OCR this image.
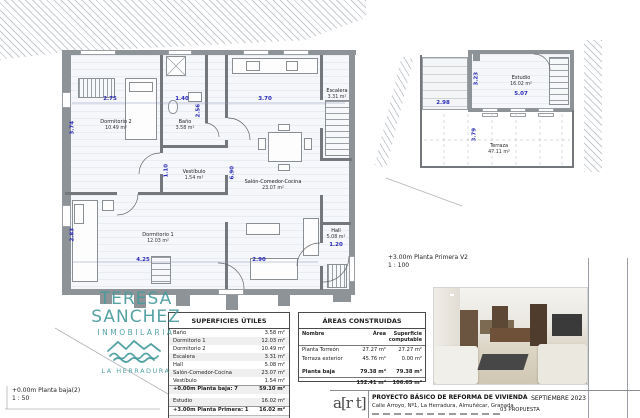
2.75	1.40	3.70
3.74
2.83
1.10
2.56
6.90
4.25	2.90
1.20
Dormitorio 2
10.49 m²
Baño
3.58 m²
Escalera
3.31 m²
Vestíbulo
1.54 m²
Salón-Comedor-Cocina
23.07 m²
Dormitorio 1
12.03 m²
Hall
5.08 m²
Estudio
16.02 m²
5.07
3.23
2.98
Terraza
47.11 m²
3.79
+3.00m Planta Primera V2
1 : 100
+0.00m Planta baja(2)
1 : 50
TERESA
SANCHEZ
INMOBILARIA
LA HERRADURA
SUPERFICIES ÚTILES
Baño	3.58 m²
Dormitorio 1	12.03 m²
Dormitorio 2	10.49 m²
Escalera	3.31 m²
Hall	5.08 m²
Salón-Comedor-Cocina	23.07 m²
Vestíbulo	1.54 m²
+0.00m Planta baja: 7	59.10 m²
Estudio	16.02 m²
+3.00m Planta Primera: 1 16.02 m²
ÁREAS CONSTRUIDAS
Nombre	Área	Superficie computable
Planta Torreón	27.27 m²	27.27 m²
Terraza exterior	45.76 m²	0.00 m²
Planta baja	79.38 m²	79.38 m²
152.41 m²	106.65 m²
a[r t] PROYECTO BÁSICO DE REFORMA DE VIVIENDA
Calle Arroyo, Nº1, La Herradura, Almuñécar, Granada
SEPTIEMBRE 2023
03 PROPUESTA
